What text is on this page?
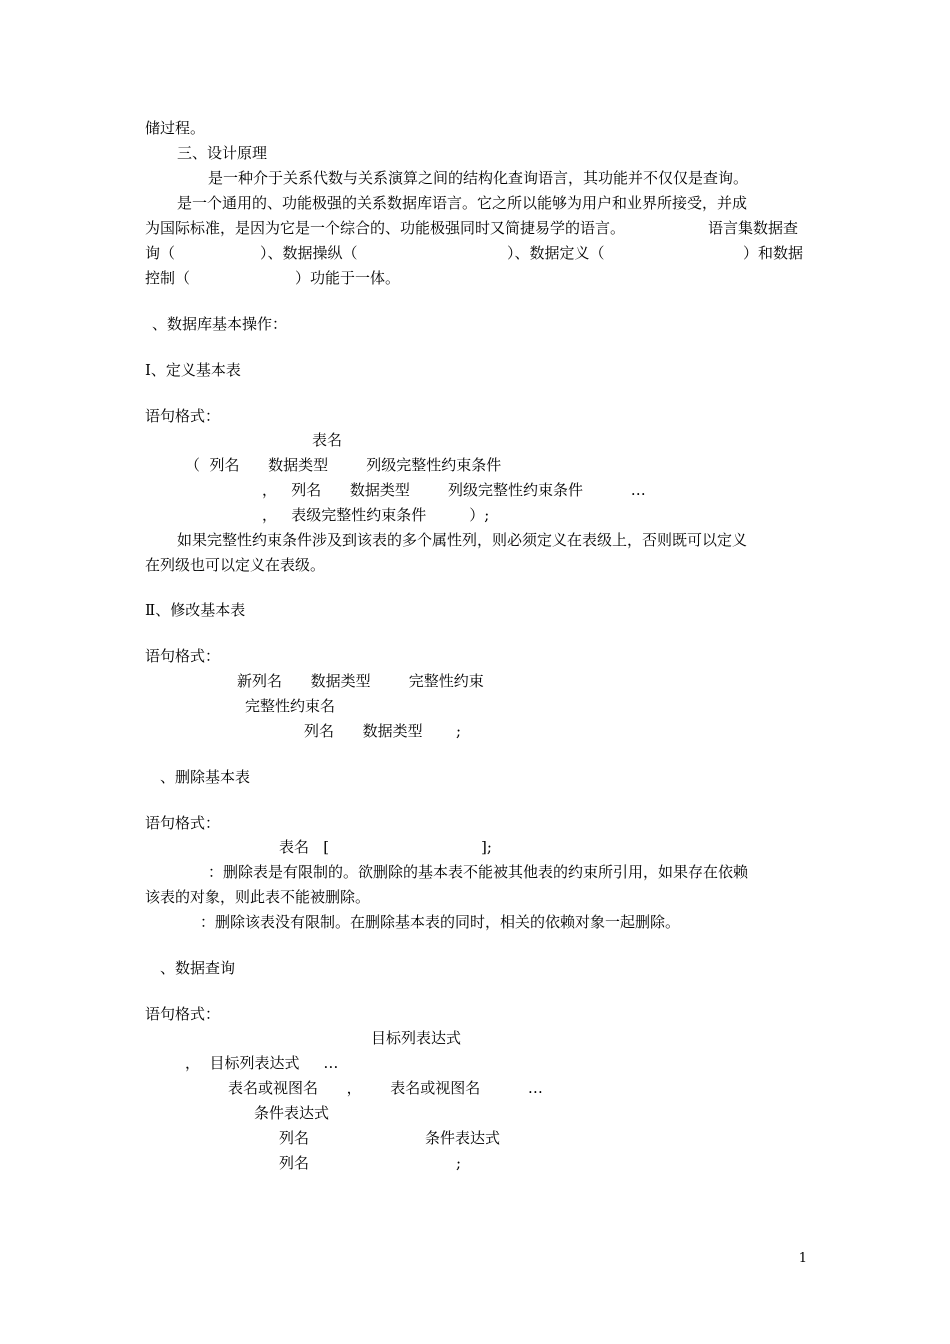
储过程。

三、设计原理

是一种介于关系代数与关系演算之间的结构化查询语言，其功能并不仅仅是查询。

是一个通用的、功能极强的关系数据库语言。它之所以能够为用户和业界所接受，并成

为国际标准，是因为它是一个综合的、功能极强同时又简捷易学的语言。	语言集数据查

询（	）、数据操纵（	）、数据定义（	）和数据

控制（	）功能于一体。

、数据库基本操作：

Ⅰ、定义基本表

语句格式：

表名

（  列名      数据类型        列级完整性约束条件

，   列名      数据类型        列级完整性约束条件          …

，   表级完整性约束条件         ）;

如果完整性约束条件涉及到该表的多个属性列，则必须定义在表级上，否则既可以定义

在列级也可以定义在表级。

Ⅱ、修改基本表

语句格式：

新列名      数据类型        完整性约束

完整性约束名

列名      数据类型       ;

、删除基本表

语句格式：

表名   [	];

：删除表是有限制的。欲删除的基本表不能被其他表的约束所引用，如果存在依赖

该表的对象，则此表不能被删除。

：删除该表没有限制。在删除基本表的同时，相关的依赖对象一起删除。

、数据查询

语句格式：

目标列表达式

，  目标列表达式     …

表名或视图名      ，      表名或视图名          …

条件表达式

列名	条件表达式

列名	;

1
